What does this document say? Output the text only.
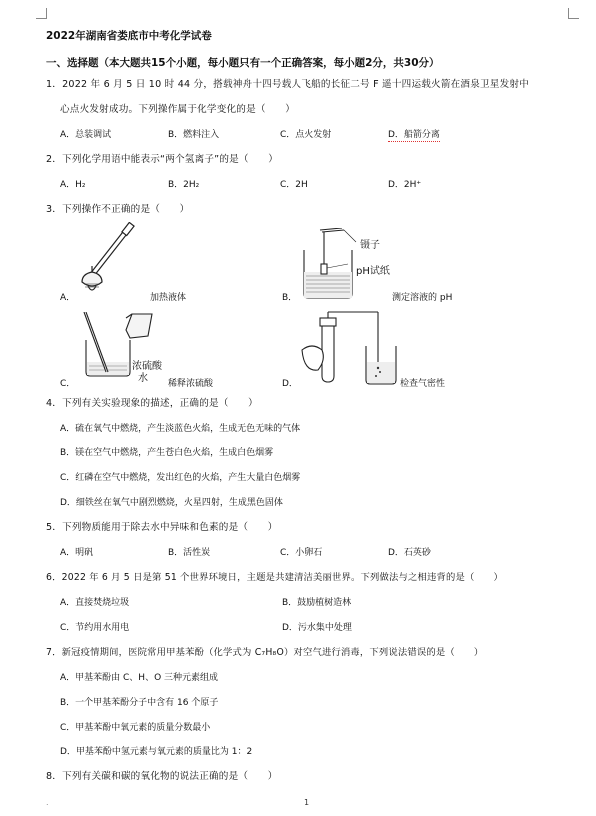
2022年湖南省娄底市中考化学试卷
一、选择题（本大题共15个小题，每小题只有一个正确答案，每小题2分，共30分）
1．2022 年 6 月 5 日 10 时 44 分，搭载神舟十四号载人飞船的长征二号 F 遥十四运载火箭在酒泉卫星发射中
心点火发射成功。下列操作属于化学变化的是（　　）
A．总装调试	B．燃料注入	C．点火发射	D．船箭分离
2．下列化学用语中能表示“两个氢离子”的是（　　）
A．H₂	B．2H₂	C．2H	D．2H⁺
3．下列操作不正确的是（　　）
A．	加热液体
镊子
pH试纸
B．	测定溶液的 pH
浓硫酸
水
C．	稀释浓硫酸	D．	检查气密性
4．下列有关实验现象的描述，正确的是（　　）
A．硫在氧气中燃烧，产生淡蓝色火焰，生成无色无味的气体
B．镁在空气中燃烧，产生苍白色火焰，生成白色烟雾
C．红磷在空气中燃烧，发出红色的火焰，产生大量白色烟雾
D．细铁丝在氧气中剧烈燃烧，火星四射，生成黑色固体
5．下列物质能用于除去水中异味和色素的是（　　）
A．明矾	B．活性炭	C．小卵石	D．石英砂
6．2022 年 6 月 5 日是第 51 个世界环境日，主题是共建清洁美丽世界。下列做法与之相违背的是（　　）
A．直接焚烧垃圾	B．鼓励植树造林
C．节约用水用电	D．污水集中处理
7．新冠疫情期间，医院常用甲基苯酚（化学式为 C₇H₈O）对空气进行消毒，下列说法错误的是（　　）
A．甲基苯酚由 C、H、O 三种元素组成
B．一个甲基苯酚分子中含有 16 个原子
C．甲基苯酚中氧元素的质量分数最小
D．甲基苯酚中氢元素与氧元素的质量比为 1：2
8．下列有关碳和碳的氧化物的说法正确的是（　　）
.	1
